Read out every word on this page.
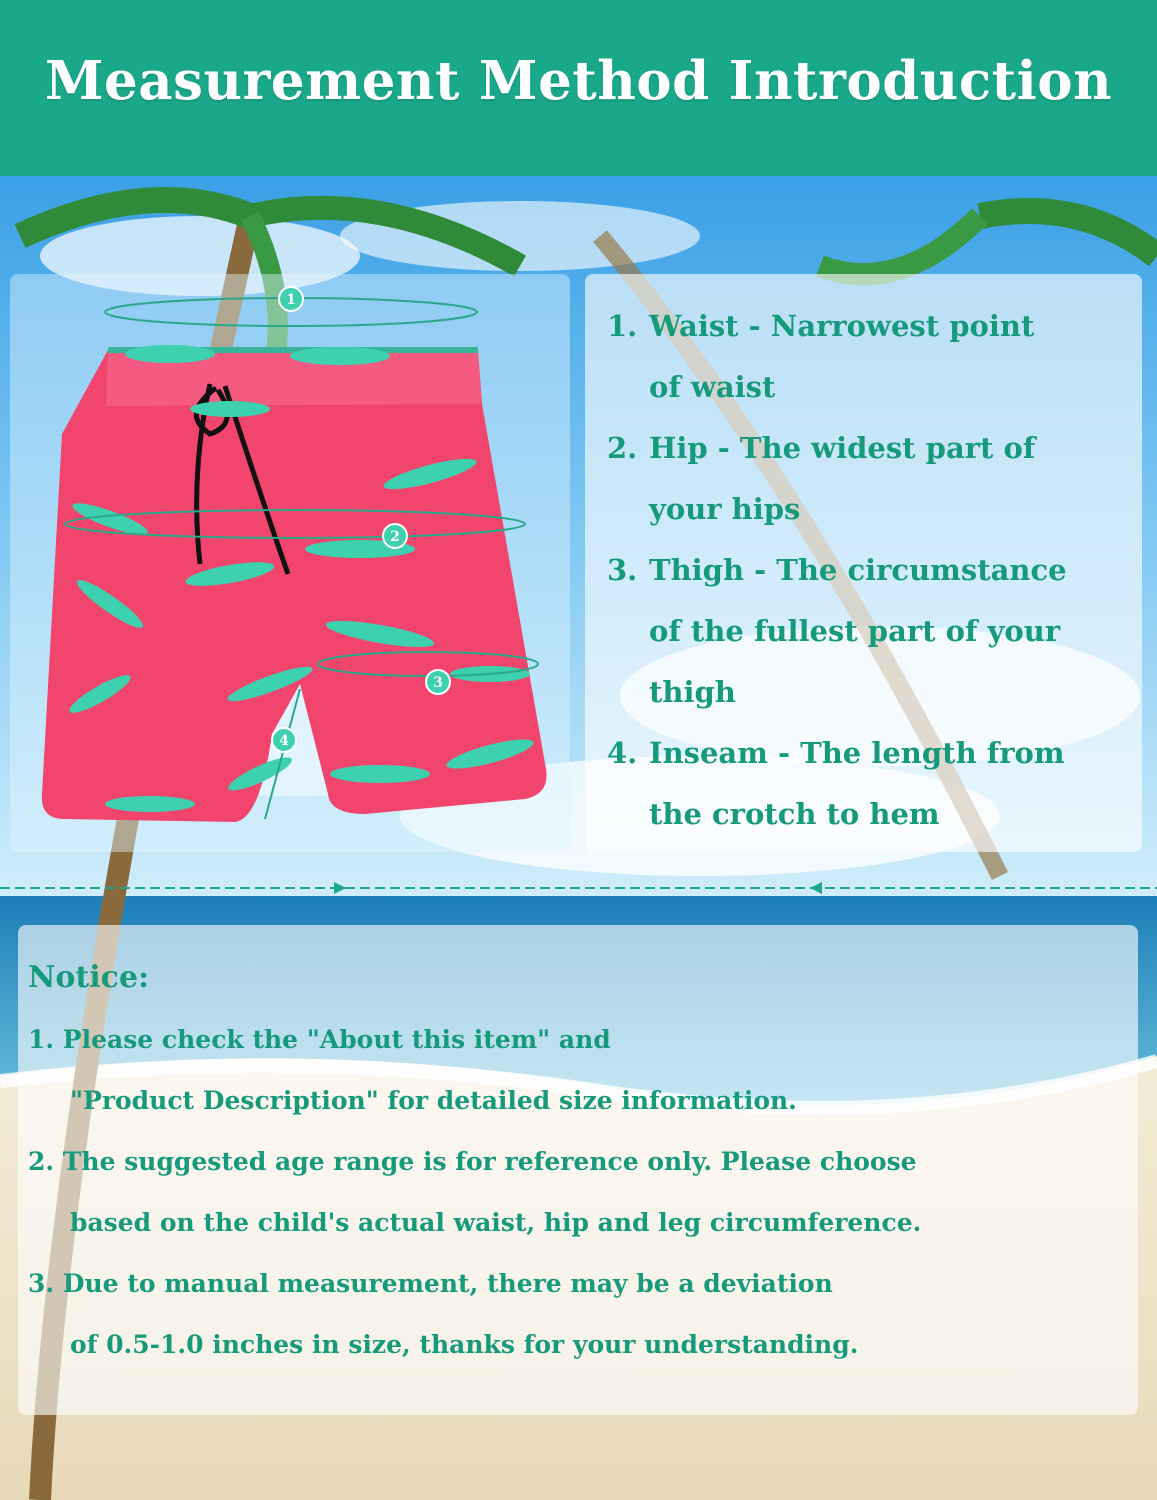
Measurement Method Introduction
1
2
3
4
1. Waist - Narrowest point
of waist
2. Hip - The widest part of
your hips
3. Thigh - The circumstance
of the fullest part of your
thigh
4. Inseam - The length from
the crotch to hem
Notice:
1. Please check the "About this item" and
"Product Description" for detailed size information.
2. The suggested age range is for reference only. Please choose
based on the child's actual waist, hip and leg circumference.
3. Due to manual measurement, there may be a deviation
of 0.5-1.0 inches in size, thanks for your understanding.
